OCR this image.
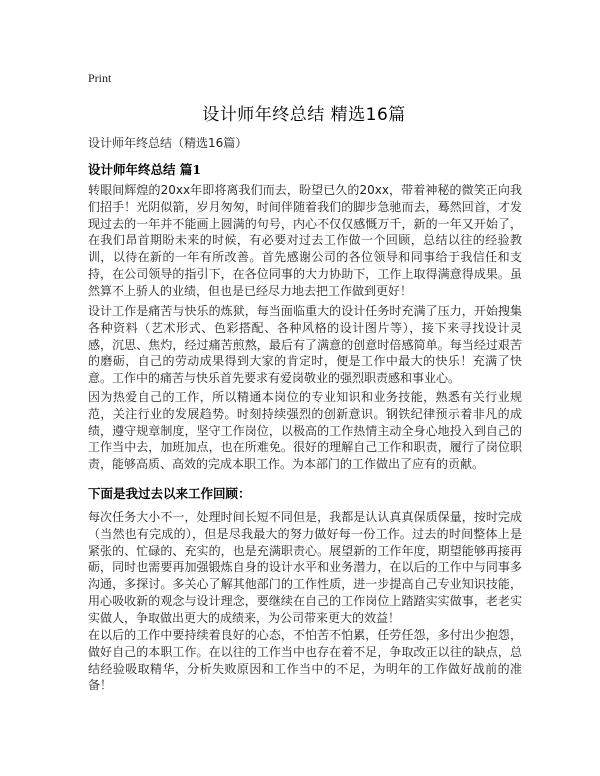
Print
设计师年终总结 精选16篇
设计师年终总结（精选16篇）
设计师年终总结 篇1

转眼间辉煌的20xx年即将离我们而去，盼望已久的20xx，带着神秘的微笑正向我们招手！光阴似箭，岁月匆匆，时间伴随着我们的脚步急驰而去，蓦然回首，才发现过去的一年并不能画上圆满的句号，内心不仅仅感慨万千，新的一年又开始了，在我们昂首期盼未来的时候，有必要对过去工作做一个回顾，总结以往的经验教训，以待在新的一年有所改善。首先感谢公司的各位领导和同事给于我信任和支持，在公司领导的指引下，在各位同事的大力协助下，工作上取得满意得成果。虽然算不上骄人的业绩，但也是已经尽力地去把工作做到更好！

设计工作是痛苦与快乐的炼狱，每当面临重大的设计任务时充满了压力，开始搜集各种资料（艺术形式、色彩搭配、各种风格的设计图片等），接下来寻找设计灵感，沉思、焦灼，经过痛苦煎熬，最后有了满意的创意时倍感简单。每当经过艰苦的磨砺，自己的劳动成果得到大家的肯定时，便是工作中最大的快乐！充满了快意。工作中的痛苦与快乐首先要求有爱岗敬业的强烈职责感和事业心。

因为热爱自己的工作，所以精通本岗位的专业知识和业务技能，熟悉有关行业规范，关注行业的发展趋势。时刻持续强烈的创新意识。钢铁纪律预示着非凡的成绩，遵守规章制度，坚守工作岗位，以极高的工作热情主动全身心地投入到自己的工作当中去，加班加点，也在所难免。很好的理解自己工作和职责，履行了岗位职责，能够高质、高效的完成本职工作。为本部门的工作做出了应有的贡献。

下面是我过去以来工作回顾：

每次任务大小不一，处理时间长短不同但是，我都是认认真真保质保量，按时完成（当然也有完成的），但是尽我最大的努力做好每一份工作。过去的时间整体上是紧张的、忙碌的、充实的，也是充满职责心。展望新的工作年度，期望能够再接再砺，同时也需要再加强锻炼自身的设计水平和业务潜力，在以后的工作中与同事多沟通，多探讨。多关心了解其他部门的工作性质，进一步提高自己专业知识技能，用心吸收新的观念与设计理念，要继续在自己的工作岗位上踏踏实实做事，老老实实做人，争取做出更大的成绩来，为公司带来更大的效益！

在以后的工作中要持续着良好的心态，不怕苦不怕累，任劳任怨，多付出少抱怨，做好自己的本职工作。在以往的工作当中也存在着不足，争取改正以往的缺点，总结经验吸取精华，分析失败原因和工作当中的不足，为明年的工作做好战前的准备！
